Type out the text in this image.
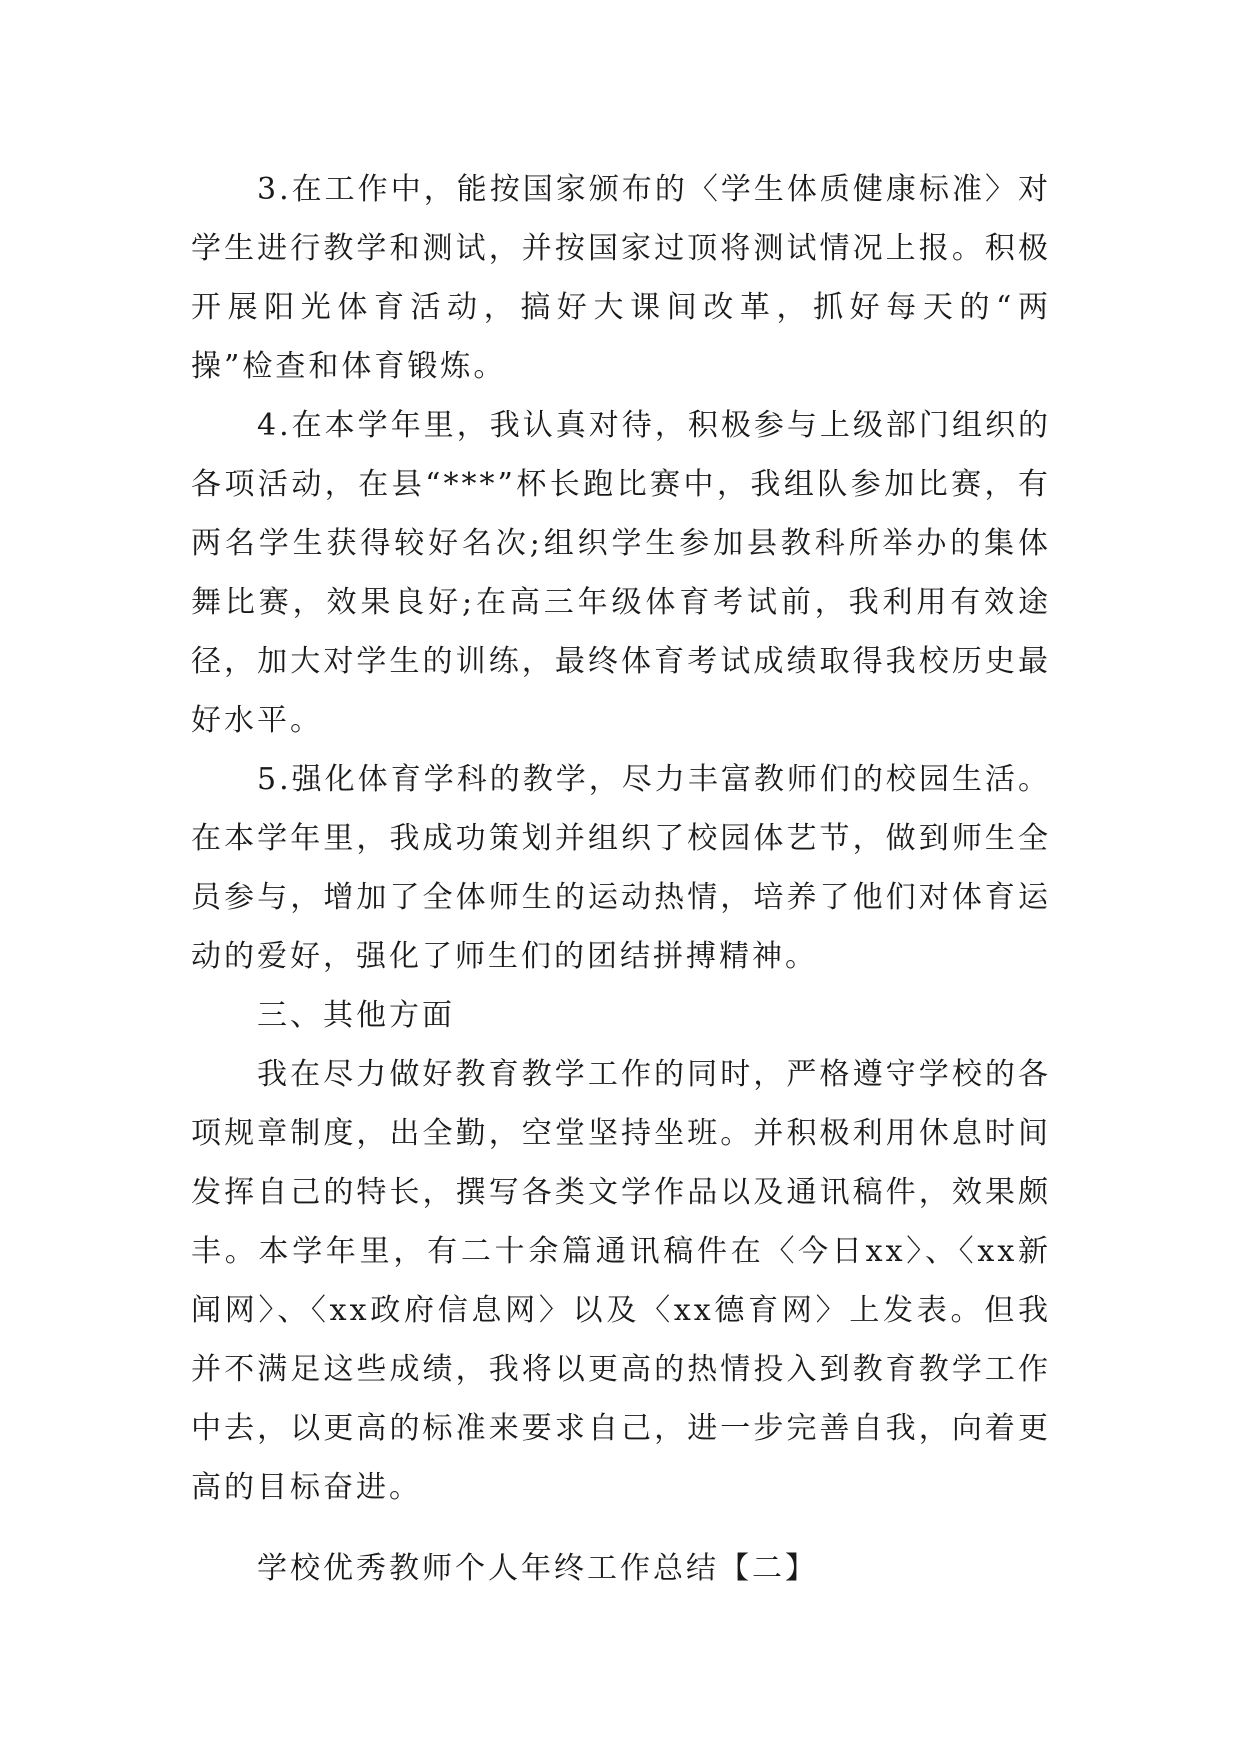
3.在工作中，能按国家颁布的〈学生体质健康标准〉对学生进行教学和测试，并按国家过顶将测试情况上报。积极开展阳光体育活动，搞好大课间改革，抓好每天的“两操”检查和体育锻炼。

4.在本学年里，我认真对待，积极参与上级部门组织的各项活动，在县“***”杯长跑比赛中，我组队参加比赛，有两名学生获得较好名次;组织学生参加县教科所举办的集体舞比赛，效果良好;在高三年级体育考试前，我利用有效途径，加大对学生的训练，最终体育考试成绩取得我校历史最好水平。

5.强化体育学科的教学，尽力丰富教师们的校园生活。在本学年里，我成功策划并组织了校园体艺节，做到师生全员参与，增加了全体师生的运动热情，培养了他们对体育运动的爱好，强化了师生们的团结拼搏精神。

三、其他方面

我在尽力做好教育教学工作的同时，严格遵守学校的各项规章制度，出全勤，空堂坚持坐班。并积极利用休息时间发挥自己的特长，撰写各类文学作品以及通讯稿件，效果颇丰。本学年里，有二十余篇通讯稿件在〈今日xx〉、〈xx新闻网〉、〈xx政府信息网〉以及〈xx德育网〉上发表。但我并不满足这些成绩，我将以更高的热情投入到教育教学工作中去，以更高的标准来要求自己，进一步完善自我，向着更高的目标奋进。

学校优秀教师个人年终工作总结【二】
